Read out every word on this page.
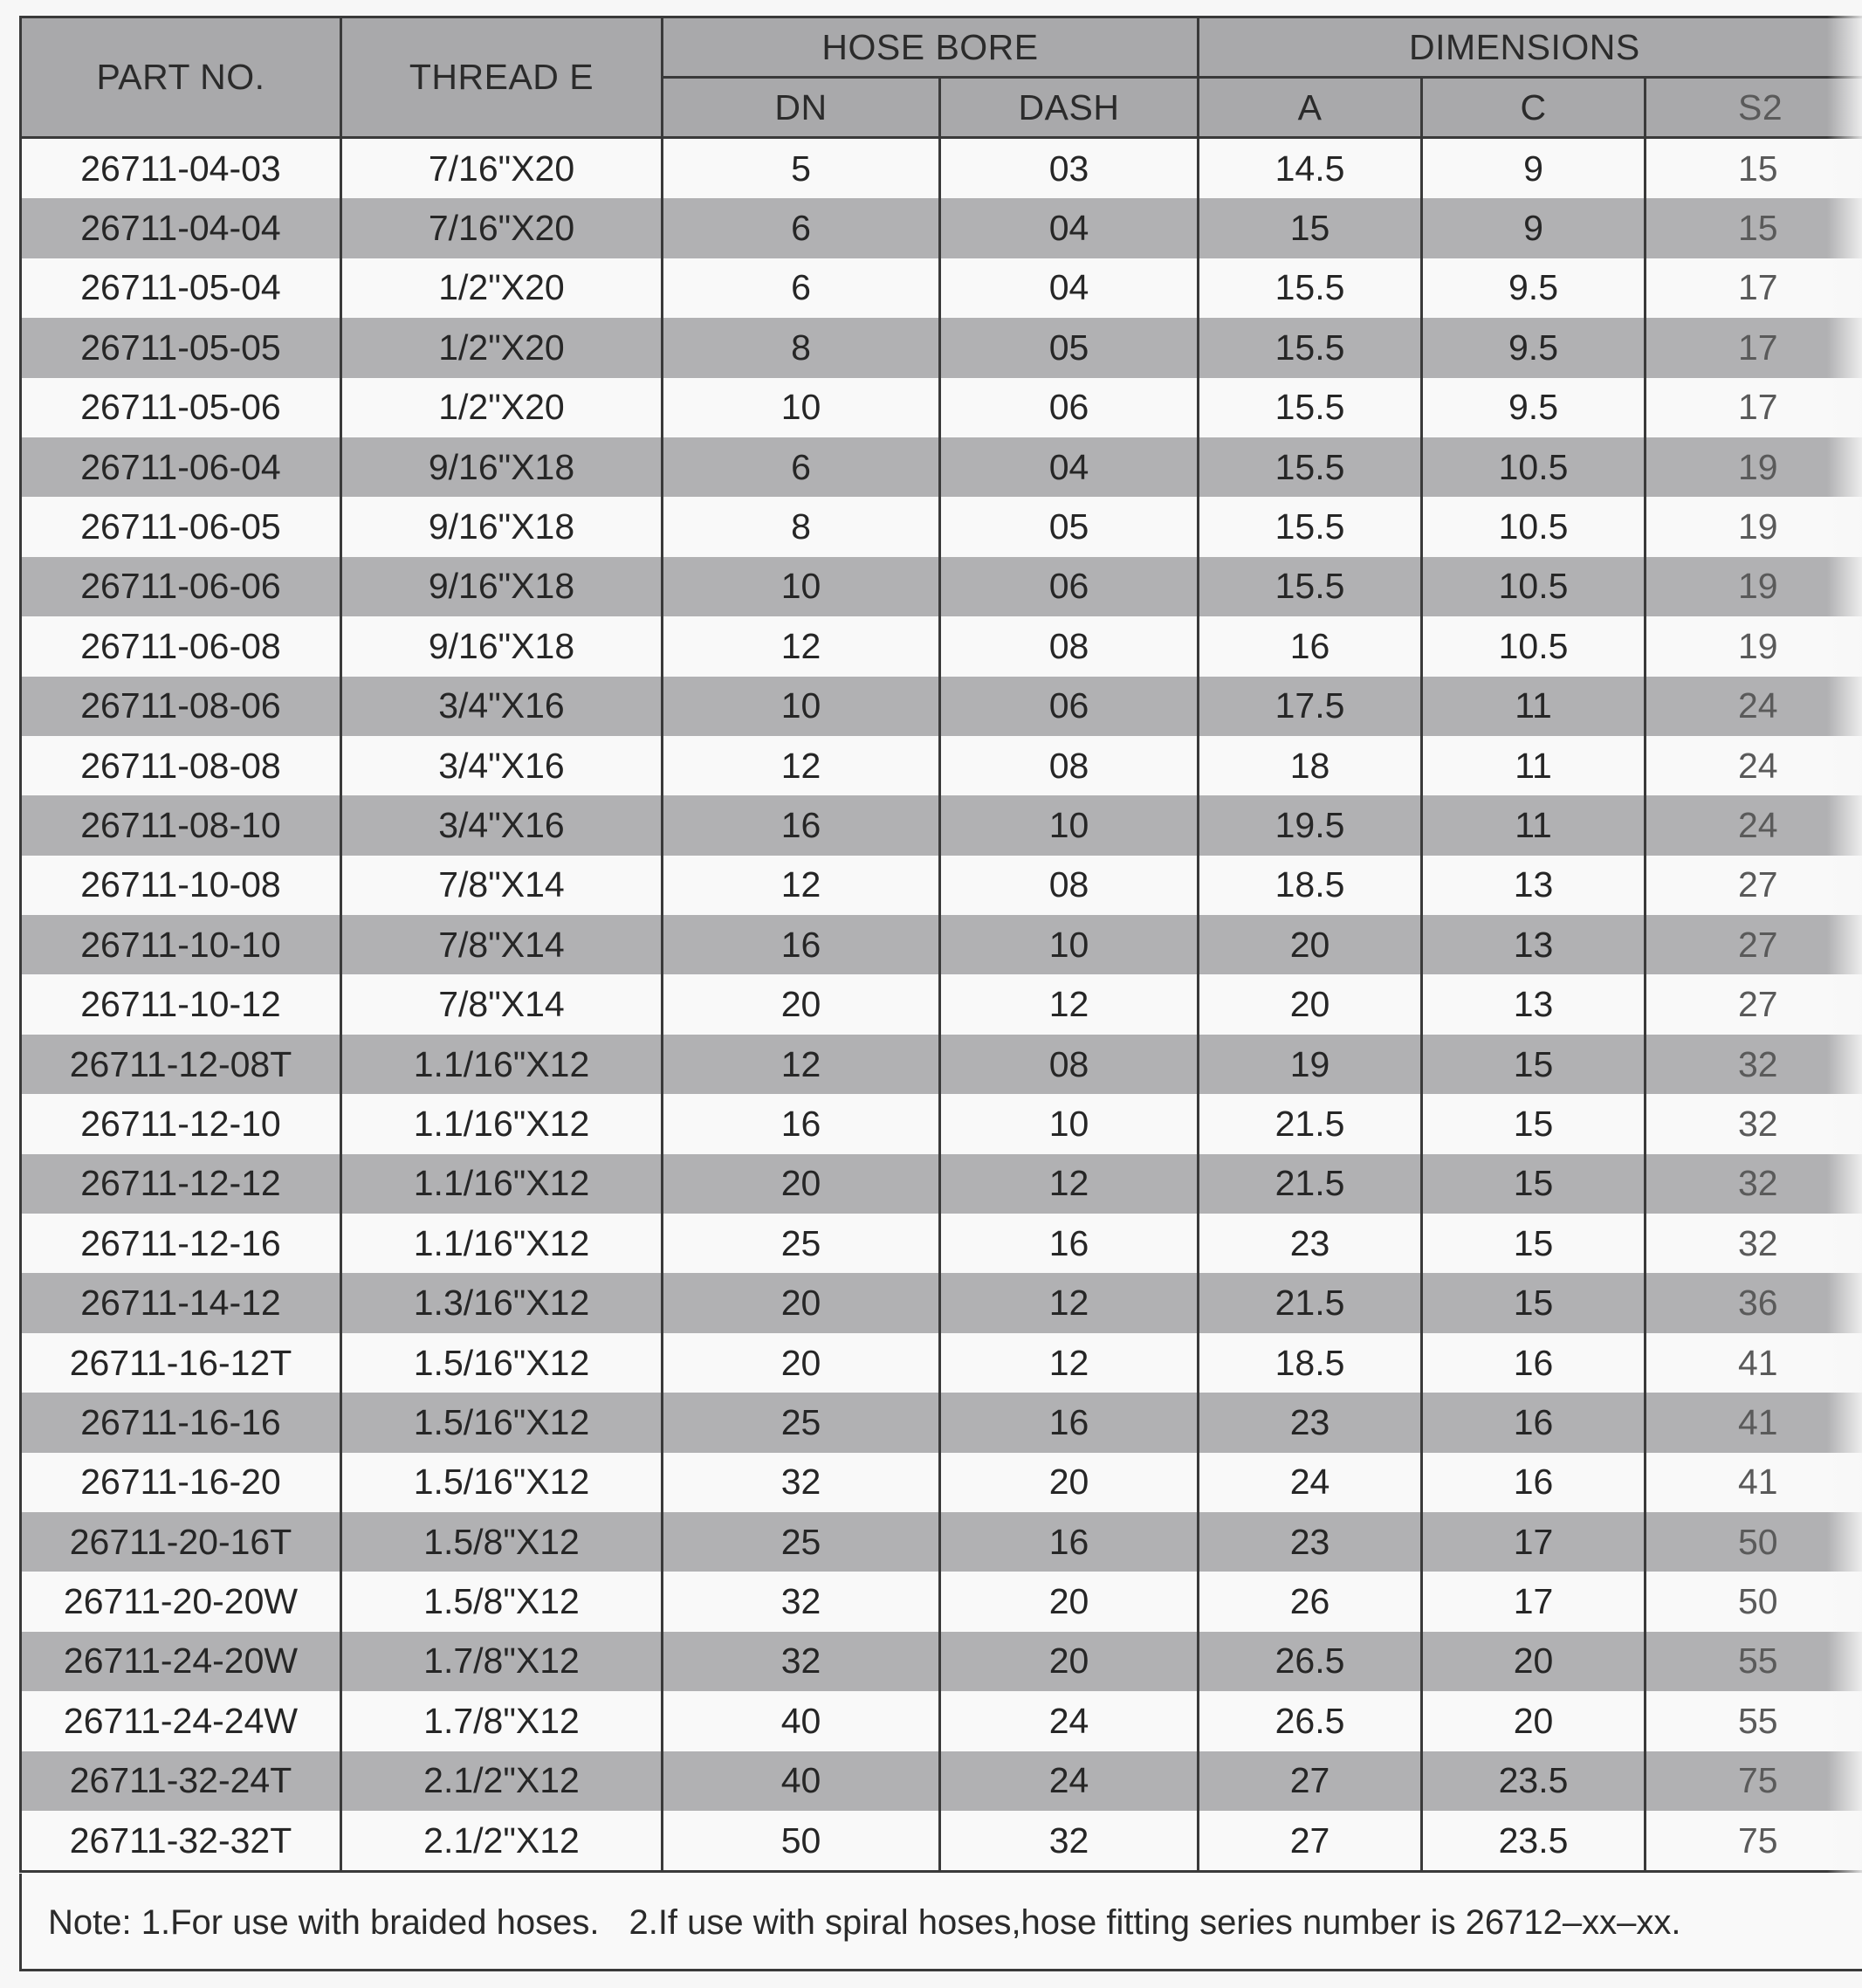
PART NO.	THREAD E	HOSE BORE		DIMENSIONS		
		DN	DASH	A	C	S2
26711-04-03	7/16"X20	5	03	14.5	9	15
26711-04-04	7/16"X20	6	04	15	9	15
26711-05-04	1/2"X20	6	04	15.5	9.5	17
26711-05-05	1/2"X20	8	05	15.5	9.5	17
26711-05-06	1/2"X20	10	06	15.5	9.5	17
26711-06-04	9/16"X18	6	04	15.5	10.5	19
26711-06-05	9/16"X18	8	05	15.5	10.5	19
26711-06-06	9/16"X18	10	06	15.5	10.5	19
26711-06-08	9/16"X18	12	08	16	10.5	19
26711-08-06	3/4"X16	10	06	17.5	11	24
26711-08-08	3/4"X16	12	08	18	11	24
26711-08-10	3/4"X16	16	10	19.5	11	24
26711-10-08	7/8"X14	12	08	18.5	13	27
26711-10-10	7/8"X14	16	10	20	13	27
26711-10-12	7/8"X14	20	12	20	13	27
26711-12-08T	1.1/16"X12	12	08	19	15	32
26711-12-10	1.1/16"X12	16	10	21.5	15	32
26711-12-12	1.1/16"X12	20	12	21.5	15	32
26711-12-16	1.1/16"X12	25	16	23	15	32
26711-14-12	1.3/16"X12	20	12	21.5	15	36
26711-16-12T	1.5/16"X12	20	12	18.5	16	41
26711-16-16	1.5/16"X12	25	16	23	16	41
26711-16-20	1.5/16"X12	32	20	24	16	41
26711-20-16T	1.5/8"X12	25	16	23	17	50
26711-20-20W	1.5/8"X12	32	20	26	17	50
26711-24-20W	1.7/8"X12	32	20	26.5	20	55
26711-24-24W	1.7/8"X12	40	24	26.5	20	55
26711-32-24T	2.1/2"X12	40	24	27	23.5	75
26711-32-32T	2.1/2"X12	50	32	27	23.5	75
Note: 1.For use with braided hoses. 2.If use with spiral hoses,hose fitting series number is 26712–xx–xx.
